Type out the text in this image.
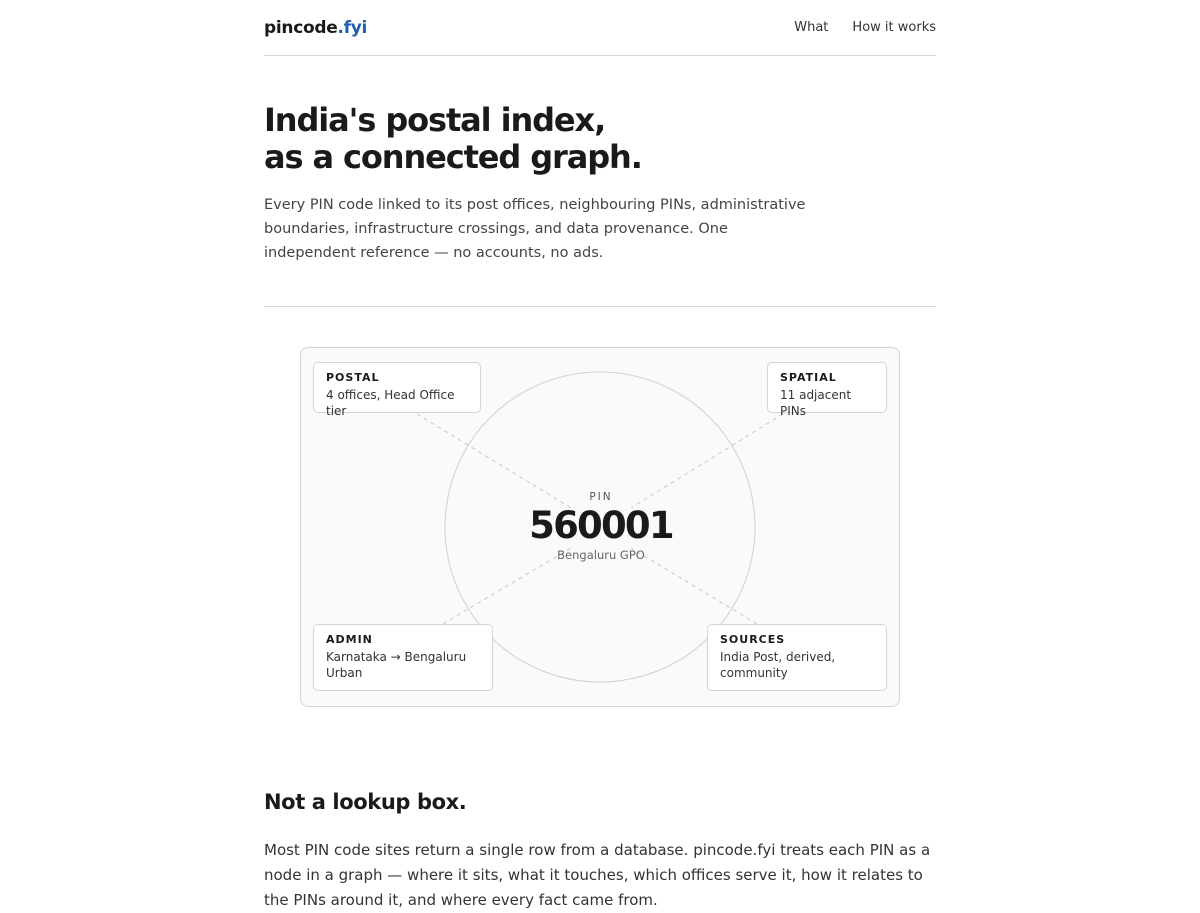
pincode.fyi	What How it works
India's postal index,
as a connected graph.

Every PIN code linked to its post offices, neighbouring PINs, administrative boundaries, infrastructure crossings, and data provenance. One independent reference — no accounts, no ads.

PIN
560001
Bengaluru GPO
POSTAL
4 offices, Head Office tier
SPATIAL
11 adjacent PINs
ADMIN
Karnataka → Bengaluru Urban
SOURCES
India Post, derived, community
Not a lookup box.

Most PIN code sites return a single row from a database. pincode.fyi treats each PIN as a node in a graph — where it sits, what it touches, which offices serve it, how it relates to the PINs around it, and where every fact came from.
